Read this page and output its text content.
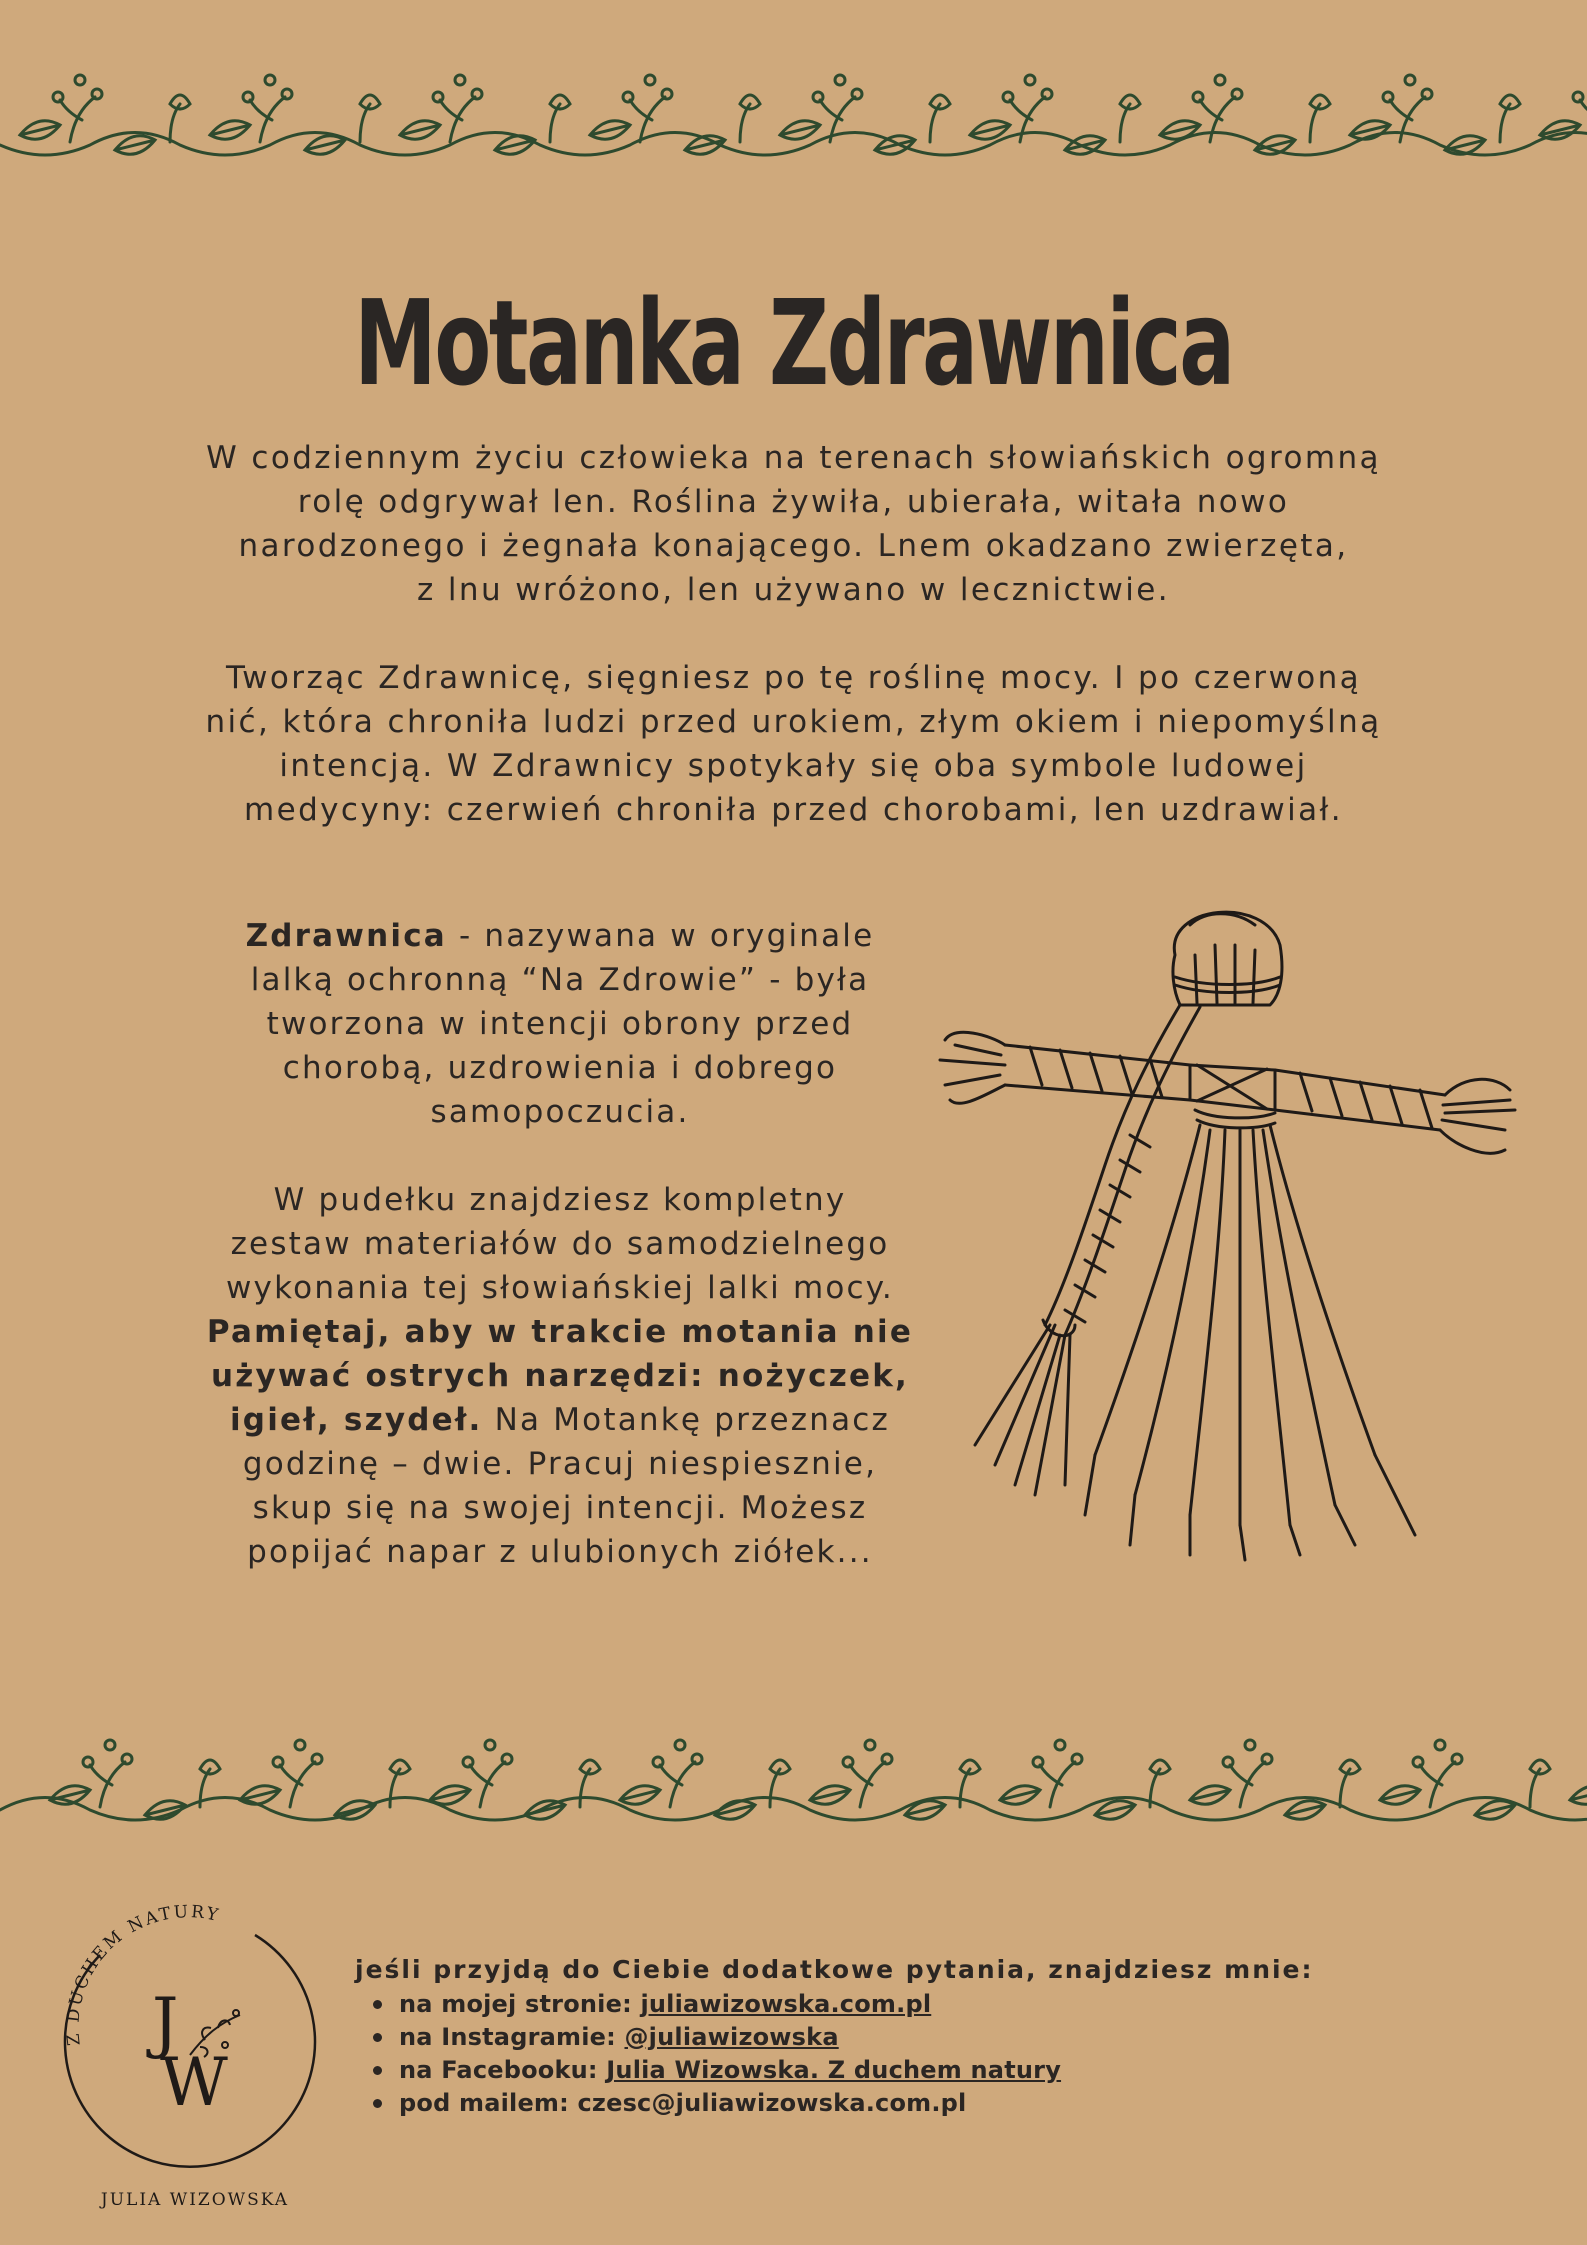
Motanka Zdrawnica

W codziennym życiu człowieka na terenach słowiańskich ogromną
rolę odgrywał len. Roślina żywiła, ubierała, witała nowo
narodzonego i żegnała konającego. Lnem okadzano zwierzęta,
z lnu wróżono, len używano w lecznictwie.

Tworząc Zdrawnicę, sięgniesz po tę roślinę mocy. I po czerwoną
nić, która chroniła ludzi przed urokiem, złym okiem i niepomyślną
intencją. W Zdrawnicy spotykały się oba symbole ludowej
medycyny: czerwień chroniła przed chorobami, len uzdrawiał.

Zdrawnica - nazywana w oryginale
lalką ochronną “Na Zdrowie” - była
tworzona w intencji obrony przed
chorobą, uzdrowienia i dobrego
samopoczucia.

W pudełku znajdziesz kompletny
zestaw materiałów do samodzielnego
wykonania tej słowiańskiej lalki mocy.
Pamiętaj, aby w trakcie motania nie
używać ostrych narzędzi: nożyczek,
igieł, szydeł. Na Motankę przeznacz
godzinę – dwie. Pracuj niespiesznie,
skup się na swojej intencji. Możesz
popijać napar z ulubionych ziółek...

Z DUCHEM NATURY
J
W
JULIA WIZOWSKA

jeśli przyjdą do Ciebie dodatkowe pytania, znajdziesz mnie:

na mojej stronie: juliawizowska.com.pl
na Instagramie: @juliawizowska
na Facebooku: Julia Wizowska. Z duchem natury
pod mailem: czesc@juliawizowska.com.pl
